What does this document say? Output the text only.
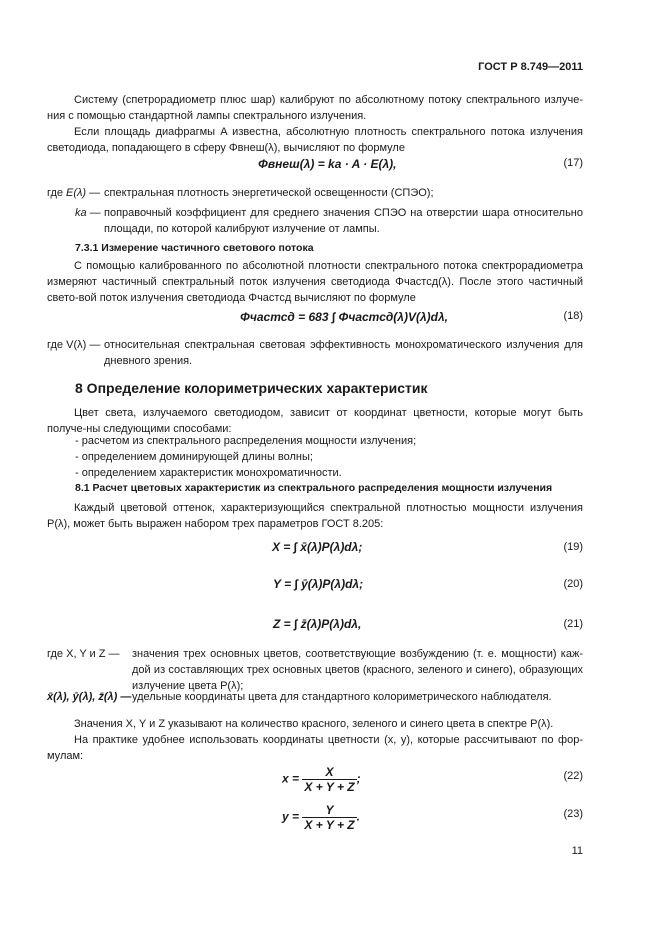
ГОСТ Р 8.749—2011
Систему (спетрорадиометр плюс шар) калибруют по абсолютному потоку спектрального излуче-ния с помощью стандартной лампы спектрального излучения.
Если площадь диафрагмы A известна, абсолютную плотность спектрального потока излучения светодиода, попадающего в сферу Φвнеш(λ), вычисляют по формуле
Φвнеш(λ) = ka · A · E(λ),	(17)
где E(λ) — спектральная плотность энергетической освещенности (СПЭО);
ka — поправочный коэффициент для среднего значения СПЭО на отверстии шара относительно площади, по которой калибруют излучение от лампы.
7.3.1 Измерение частичного светового потока
С помощью калиброванного по абсолютной плотности спектрального потока спектрорадиометра измеряют частичный спектральный поток излучения светодиода Φчастсд(λ). После этого частичный свето-вой поток излучения светодиода Φчастсд вычисляют по формуле
Φчастсд = 683 ∫ Φчастсд(λ)V(λ)dλ,	(18)
где V(λ) — относительная спектральная световая эффективность монохроматического излучения для дневного зрения.
8 Определение колориметрических характеристик
Цвет света, излучаемого светодиодом, зависит от координат цветности, которые могут быть получе-ны следующими способами:
- расчетом из спектрального распределения мощности излучения;
- определением доминирующей длины волны;
- определением характеристик монохроматичности.
8.1 Расчет цветовых характеристик из спектрального распределения мощности излучения
Каждый цветовой оттенок, характеризующийся спектральной плотностью мощности излучения P(λ), может быть выражен набором трех параметров ГОСТ 8.205:
X = ∫ x̄(λ)P(λ)dλ;	(19)
Y = ∫ ȳ(λ)P(λ)dλ;	(20)
Z = ∫ z̄(λ)P(λ)dλ,	(21)
где X, Y и Z — значения трех основных цветов, соответствующие возбуждению (т. е. мощности) каж-дой из составляющих трех основных цветов (красного, зеленого и синего), образующих излучение цвета P(λ);
x̄(λ), ȳ(λ), z̄(λ) — удельные координаты цвета для стандартного колориметрического наблюдателя.
Значения X, Y и Z указывают на количество красного, зеленого и синего цвета в спектре P(λ).
На практике удобнее использовать координаты цветности (x, y), которые рассчитывают по фор-мулам:
$x = \frac{X}{X + Y + Z}$ ;	(22)
$y = \frac{Y}{X + Y + Z}$ .	(23)
11
